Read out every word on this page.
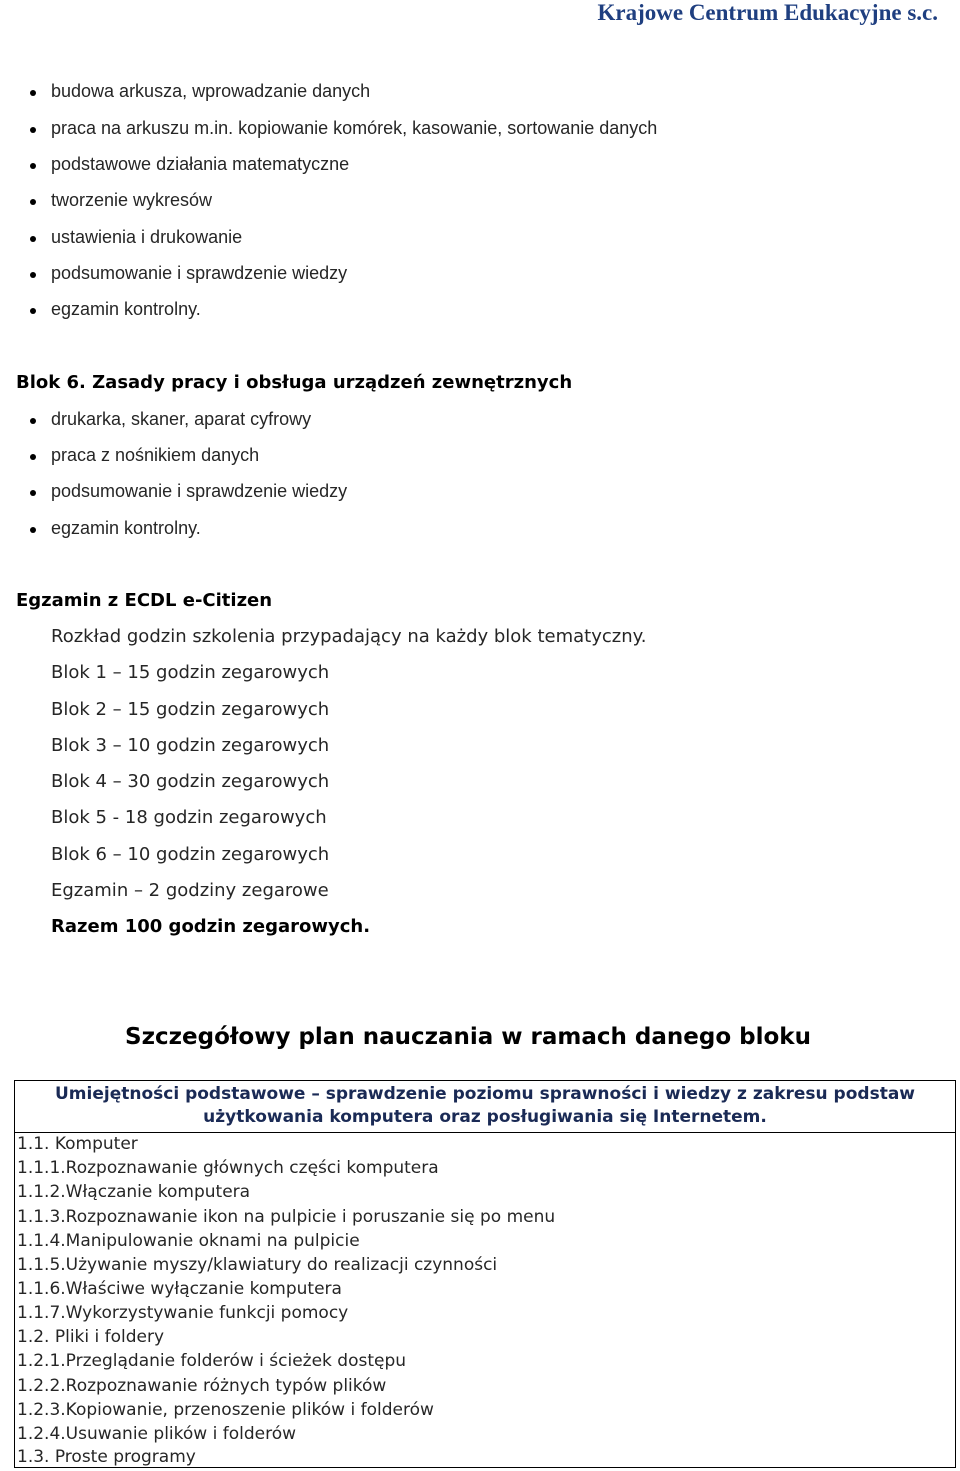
Krajowe Centrum Edukacyjne s.c.
budowa arkusza, wprowadzanie danych
praca na arkuszu m.in. kopiowanie komórek, kasowanie, sortowanie danych
podstawowe działania matematyczne
tworzenie wykresów
ustawienia i drukowanie
podsumowanie i sprawdzenie wiedzy
egzamin kontrolny.
Blok 6. Zasady pracy i obsługa urządzeń zewnętrznych
drukarka, skaner, aparat cyfrowy
praca z nośnikiem danych
podsumowanie i sprawdzenie wiedzy
egzamin kontrolny.
Egzamin z ECDL e-Citizen
Rozkład godzin szkolenia przypadający na każdy blok tematyczny.
Blok 1 – 15 godzin zegarowych
Blok 2 – 15 godzin zegarowych
Blok 3 – 10 godzin zegarowych
Blok 4 – 30 godzin zegarowych
Blok 5 - 18 godzin zegarowych
Blok 6 – 10 godzin zegarowych
Egzamin – 2 godziny zegarowe
Razem 100 godzin zegarowych.
Szczegółowy plan nauczania w ramach danego bloku
Umiejętności podstawowe – sprawdzenie poziomu sprawności i wiedzy z zakresu podstaw
użytkowania komputera oraz posługiwania się Internetem.
1.1. Komputer
1.1.1.Rozpoznawanie głównych części komputera
1.1.2.Włączanie komputera
1.1.3.Rozpoznawanie ikon na pulpicie i poruszanie się po menu
1.1.4.Manipulowanie oknami na pulpicie
1.1.5.Używanie myszy/klawiatury do realizacji czynności
1.1.6.Właściwe wyłączanie komputera
1.1.7.Wykorzystywanie funkcji pomocy
1.2. Pliki i foldery
1.2.1.Przeglądanie folderów i ścieżek dostępu
1.2.2.Rozpoznawanie różnych typów plików
1.2.3.Kopiowanie, przenoszenie plików i folderów
1.2.4.Usuwanie plików i folderów
1.3. Proste programy
